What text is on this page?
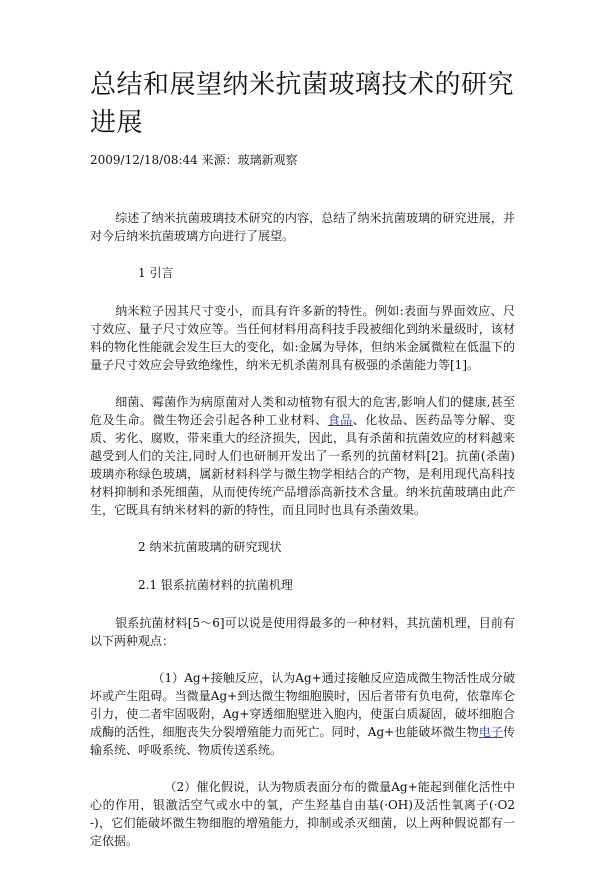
总结和展望纳米抗菌玻璃技术的研究进展
2009/12/18/08:44 来源：玻璃新观察

综述了纳米抗菌玻璃技术研究的内容，总结了纳米抗菌玻璃的研究进展，并对今后纳米抗菌玻璃方向进行了展望。

1 引言

纳米粒子因其尺寸变小，而具有许多新的特性。例如:表面与界面效应、尺寸效应、量子尺寸效应等。当任何材料用高科技手段被细化到纳米量级时，该材料的物化性能就会发生巨大的变化，如:金属为导体，但纳米金属微粒在低温下的量子尺寸效应会导致绝缘性，纳米无机杀菌剂具有极强的杀菌能力等[1]。

细菌、霉菌作为病原菌对人类和动植物有很大的危害,影响人们的健康,甚至危及生命。微生物还会引起各种工业材料、食品、化妆品、医药品等分解、变质、劣化、腐败，带来重大的经济损失，因此，具有杀菌和抗菌效应的材料越来越受到人们的关注,同时人们也研制开发出了一系列的抗菌材料[2]。抗菌(杀菌)玻璃亦称绿色玻璃，属新材料科学与微生物学相结合的产物，是利用现代高科技材料抑制和杀死细菌，从而使传统产品增添高新技术含量。纳米抗菌玻璃由此产生，它既具有纳米材料的新的特性，而且同时也具有杀菌效果。

2 纳米抗菌玻璃的研究现状

2.1 银系抗菌材料的抗菌机理

银系抗菌材料[5～6]可以说是使用得最多的一种材料，其抗菌机理，目前有以下两种观点：

（1）Ag+接触反应，认为Ag+通过接触反应造成微生物活性成分破坏或产生阻碍。当微量Ag+到达微生物细胞膜时，因后者带有负电荷，依靠库仑引力，使二者牢固吸附，Ag+穿透细胞壁进入胞内，使蛋白质凝固，破坏细胞合成酶的活性，细胞丧失分裂增殖能力而死亡。同时，Ag+也能破坏微生物电子传输系统、呼吸系统、物质传送系统。

（2）催化假说，认为物质表面分布的微量Ag+能起到催化活性中心的作用，银激活空气或水中的氧，产生羟基自由基(·OH)及活性氧离子(·O2-)，它们能破坏微生物细胞的增殖能力，抑制或杀灭细菌，以上两种假说都有一定依据。
